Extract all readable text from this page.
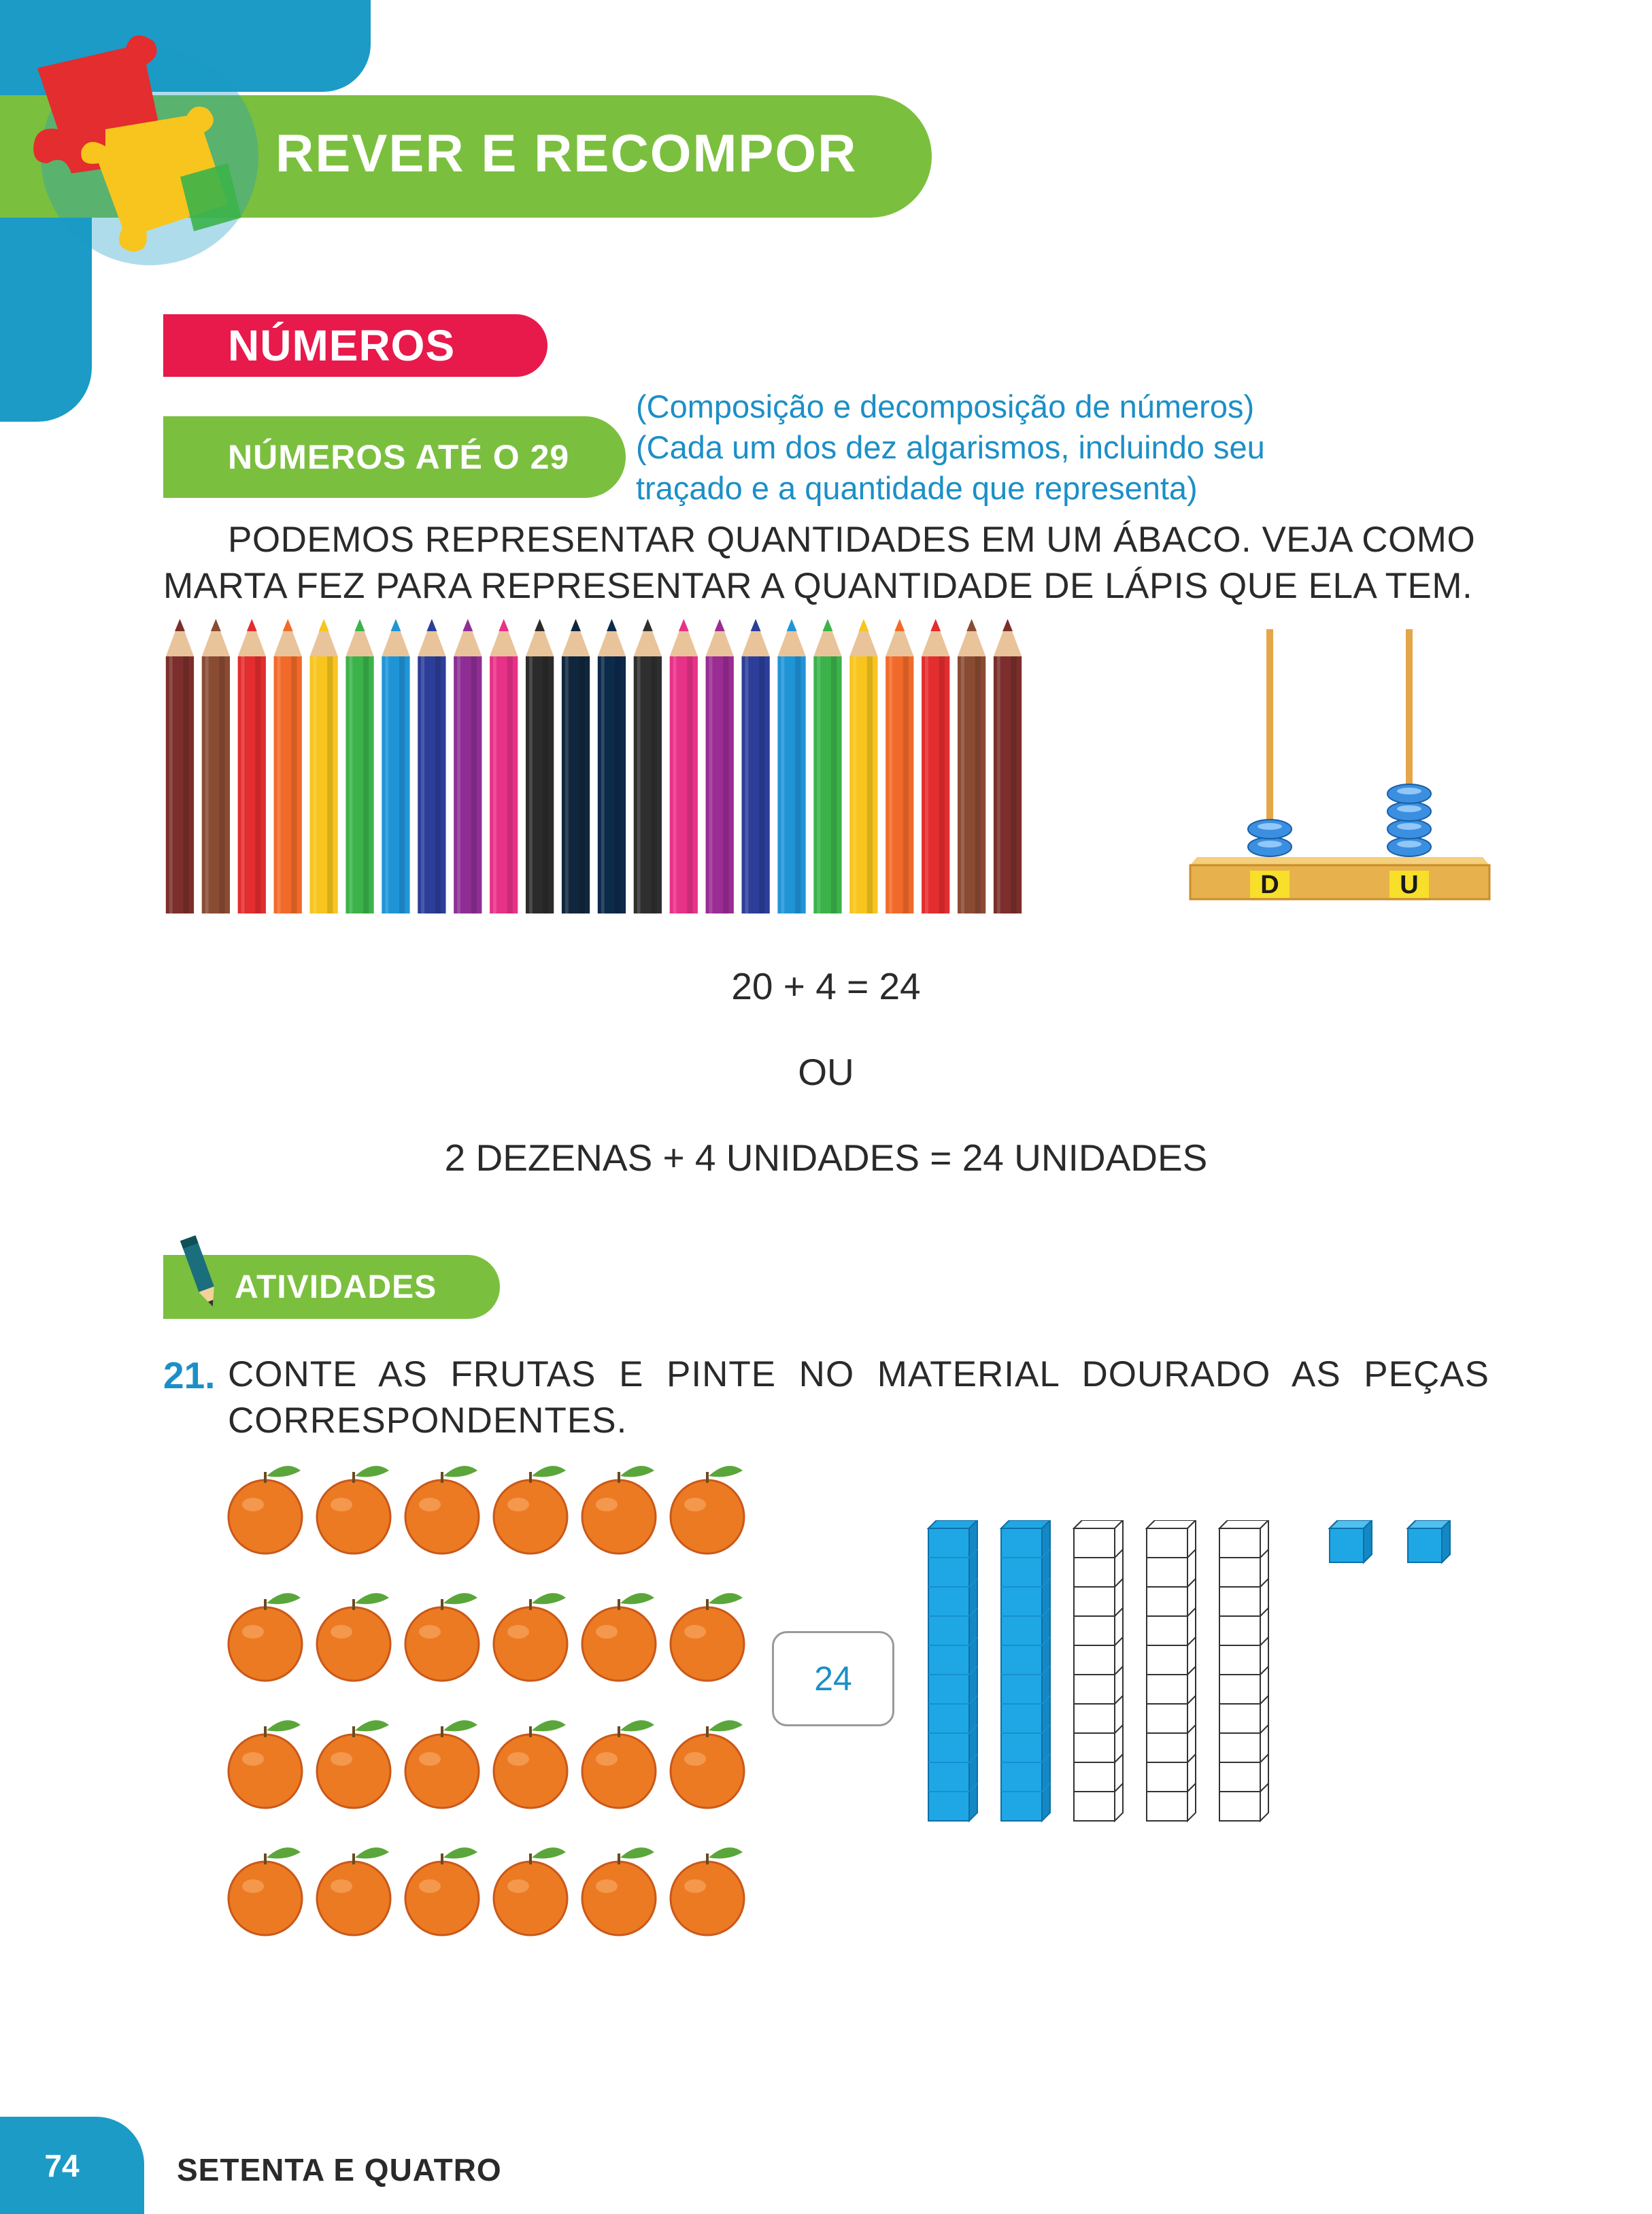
REVER E RECOMPOR
NÚMEROS
NÚMEROS ATÉ O 29
(Composição e decomposição de números)
(Cada um dos dez algarismos, incluindo seu
traçado e a quantidade que representa)
PODEMOS REPRESENTAR QUANTIDADES EM UM ÁBACO. VEJA COMO
MARTA FEZ PARA REPRESENTAR A QUANTIDADE DE LÁPIS QUE ELA TEM.
D	U
20 + 4 = 24
OU
2 DEZENAS + 4 UNIDADES = 24 UNIDADES
ATIVIDADES
21. CONTE AS FRUTAS E PINTE NO MATERIAL DOURADO AS PEÇAS
CORRESPONDENTES.
24
74	SETENTA E QUATRO
